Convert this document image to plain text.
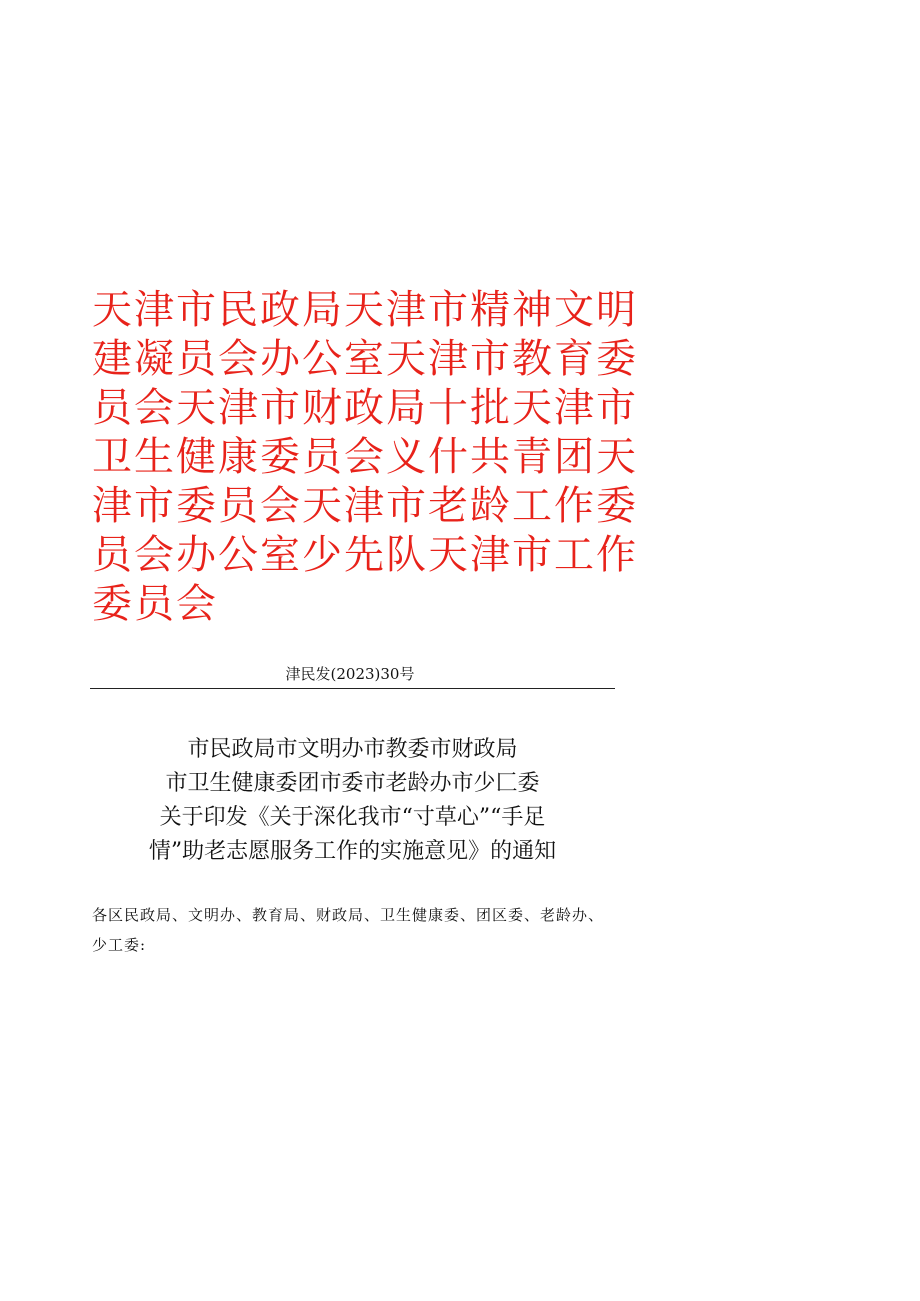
天津市民政局天津市精神文明
建凝员会办公室天津市教育委
员会天津市财政局十批天津市
卫生健康委员会义什共青团天
津市委员会天津市老龄工作委
员会办公室少先队天津市工作
委员会
津民发(2023)30号
市民政局市文明办市教委市财政局
市卫生健康委团市委市老龄办市少匚委
关于印发《关于深化我市“寸草心”“手足
情”助老志愿服务工作的实施意见》的通知
各区民政局、文明办、教育局、财政局、卫生健康委、团区委、老龄办、少工委:
